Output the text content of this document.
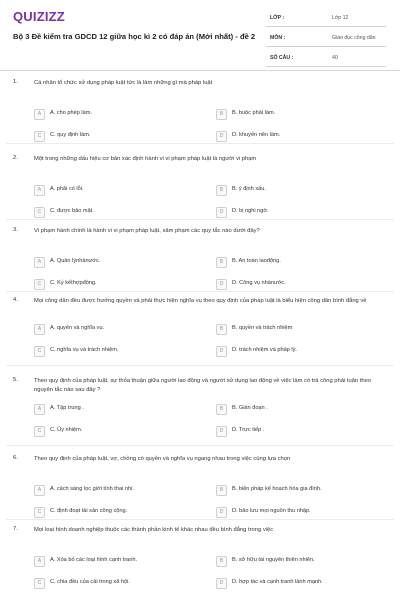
QUIZIZZ
Bộ 3 Đề kiểm tra GDCD 12 giữa học kì 2 có đáp án (Mới nhất) - đề 2
LỚP :	Lớp 12
MÔN :	Giáo dục công dân
SỐ CÂU :	40
1.	Cá nhân tổ chức sử dụng pháp luật tức là làm những gì mà pháp luật
A	A. cho phép làm.	B	B. buộc phải làm.
C	C. quy định làm.	D	D. khuyến nên làm.
2.	Một trong những dấu hiệu cơ bản xác định hành vi vi phạm pháp luật là người vi phạm
A	A. phải có lỗi.	B	B. ý định xấu.
C	C. được bảo mật.	D	D. bị nghi ngờ.
3.	Vi phạm hành chính là hành vi vi phạm pháp luật, xâm phạm các quy tắc nào dưới đây?
A	A. Quản lýnhànước.	B	B. An toàn laođộng.
C	C. Kỷ kếthợpđồng.	D	D. Công vụ nhànước.
4.	Mọi công dân đều được hưởng quyền và phải thực hiện nghĩa vụ theo quy định của pháp luật là biểu hiện công dân bình đẳng về
A	A. quyền và nghĩa vụ.	B	B. quyền và trách nhiệm
C	C. nghĩa vụ và trách nhiệm.	D	D. trách nhiệm và pháp lý.
5.	Theo quy định của pháp luật, sự thỏa thuận giữa người lao động và người sử dụng lao động về việc làm có trả công phải tuân theo nguyên tắc nào sau đây ?
A	A. Tập trung .	B	B. Gián đoạn .
C	C. Ủy nhiệm.	D	D. Trực tiếp .
6.	Theo quy định của pháp luật, vợ, chồng có quyền và nghĩa vụ ngang nhau trong việc cùng lựa chọn
A	A. cách sáng lọc giới tính thai nhi.	B	B. biện pháp kế hoạch hóa gia đình.
C	C. định đoạt tài sản công cộng.	D	D. bảo lưu mọi nguồn thu nhập.
7.	Mọi loại hình doanh nghiệp thuộc các thành phần kinh tế khác nhau đều bình đẳng trong việc
A	A. Xóa bỏ các loại hình cạnh tranh.	B	B. sở hữu tài nguyên thiên nhiên.
C	C. chia đều của cải trong xã hội.	D	D. hợp tác và cạnh tranh lành mạnh.
